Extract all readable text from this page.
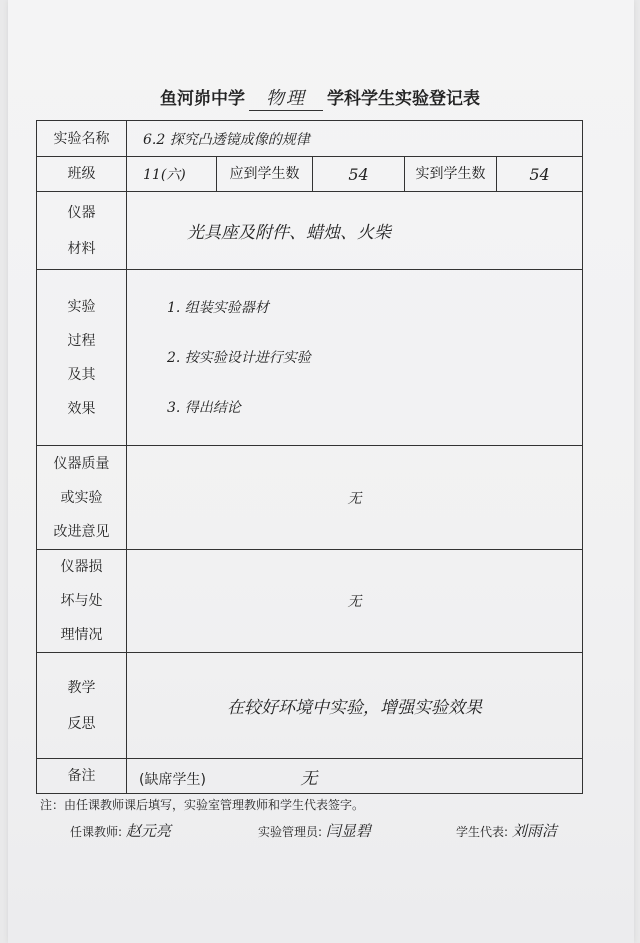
鱼河峁中学 物理 学科学生实验登记表
实验名称	6.2 探究凸透镜成像的规律				
班级	11(六)	应到学生数	54	实到学生数	54

仪器
材料	光具座及附件、蜡烛、火柴				

实验
过程
及其
效果	1. 组装实验器材
2. 按实验设计进行实验
3. 得出结论				

仪器质量
或实验
改进意见	无				

仪器损
坏与处
理情况	无				

教学
反思	在较好环境中实验，增强实验效果				
备注	(缺席学生) 无				
注：由任课教师课后填写，实验室管理教师和学生代表签字。
任课教师: 赵元亮	实验管理员: 闫显碧	学生代表: 刘雨洁
